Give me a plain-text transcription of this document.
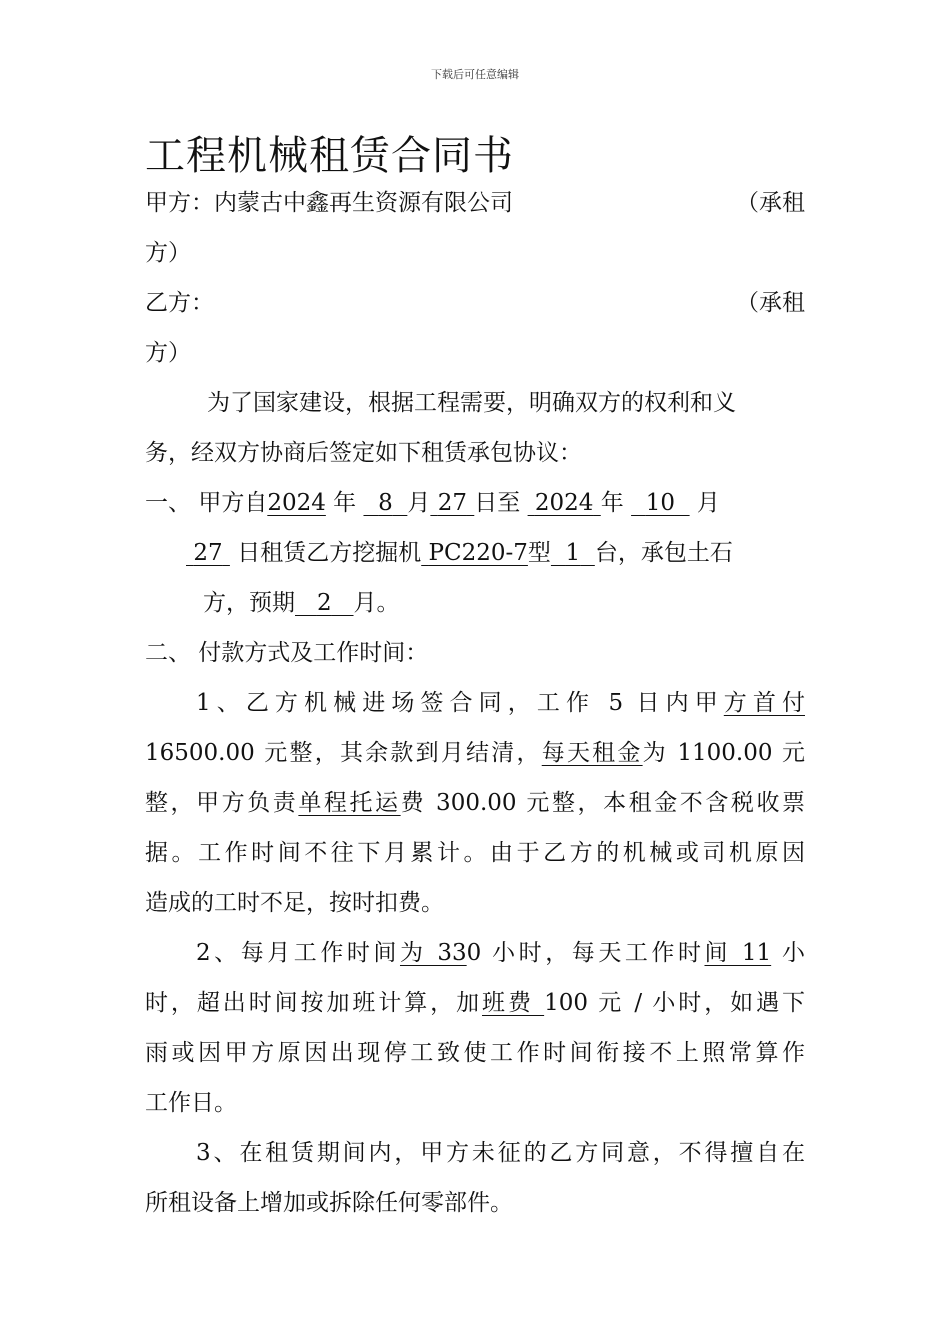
下载后可任意编辑
工程机械租赁合同书
甲方：内蒙古中鑫再生资源有限公司	（承租
方）
乙方：	（承租
方）
为了国家建设，根据工程需要，明确双方的权利和义
务，经双方协商后签定如下租赁承包协议：
一、 甲方自2024 年 8 月 27 日至 2024 年 10 月
27 日租赁乙方挖掘机 PC220-7型 1 台，承包土石
方，预期 2 月。
二、 付款方式及工作时间：
1、乙方机械进场签合同，工作 5 日内甲方首付
16500.00 元整，其余款到月结清，每天租金为 1100.00 元
整，甲方负责单程托运费 300.00 元整，本租金不含税收票
据。工作时间不往下月累计。由于乙方的机械或司机原因
造成的工时不足，按时扣费。
2、每月工作时间为 330 小时，每天工作时间 11 小
时，超出时间按加班计算，加班费 100 元 / 小时，如遇下
雨或因甲方原因出现停工致使工作时间衔接不上照常算作
工作日。
3、在租赁期间内，甲方未征的乙方同意，不得擅自在
所租设备上增加或拆除任何零部件。
